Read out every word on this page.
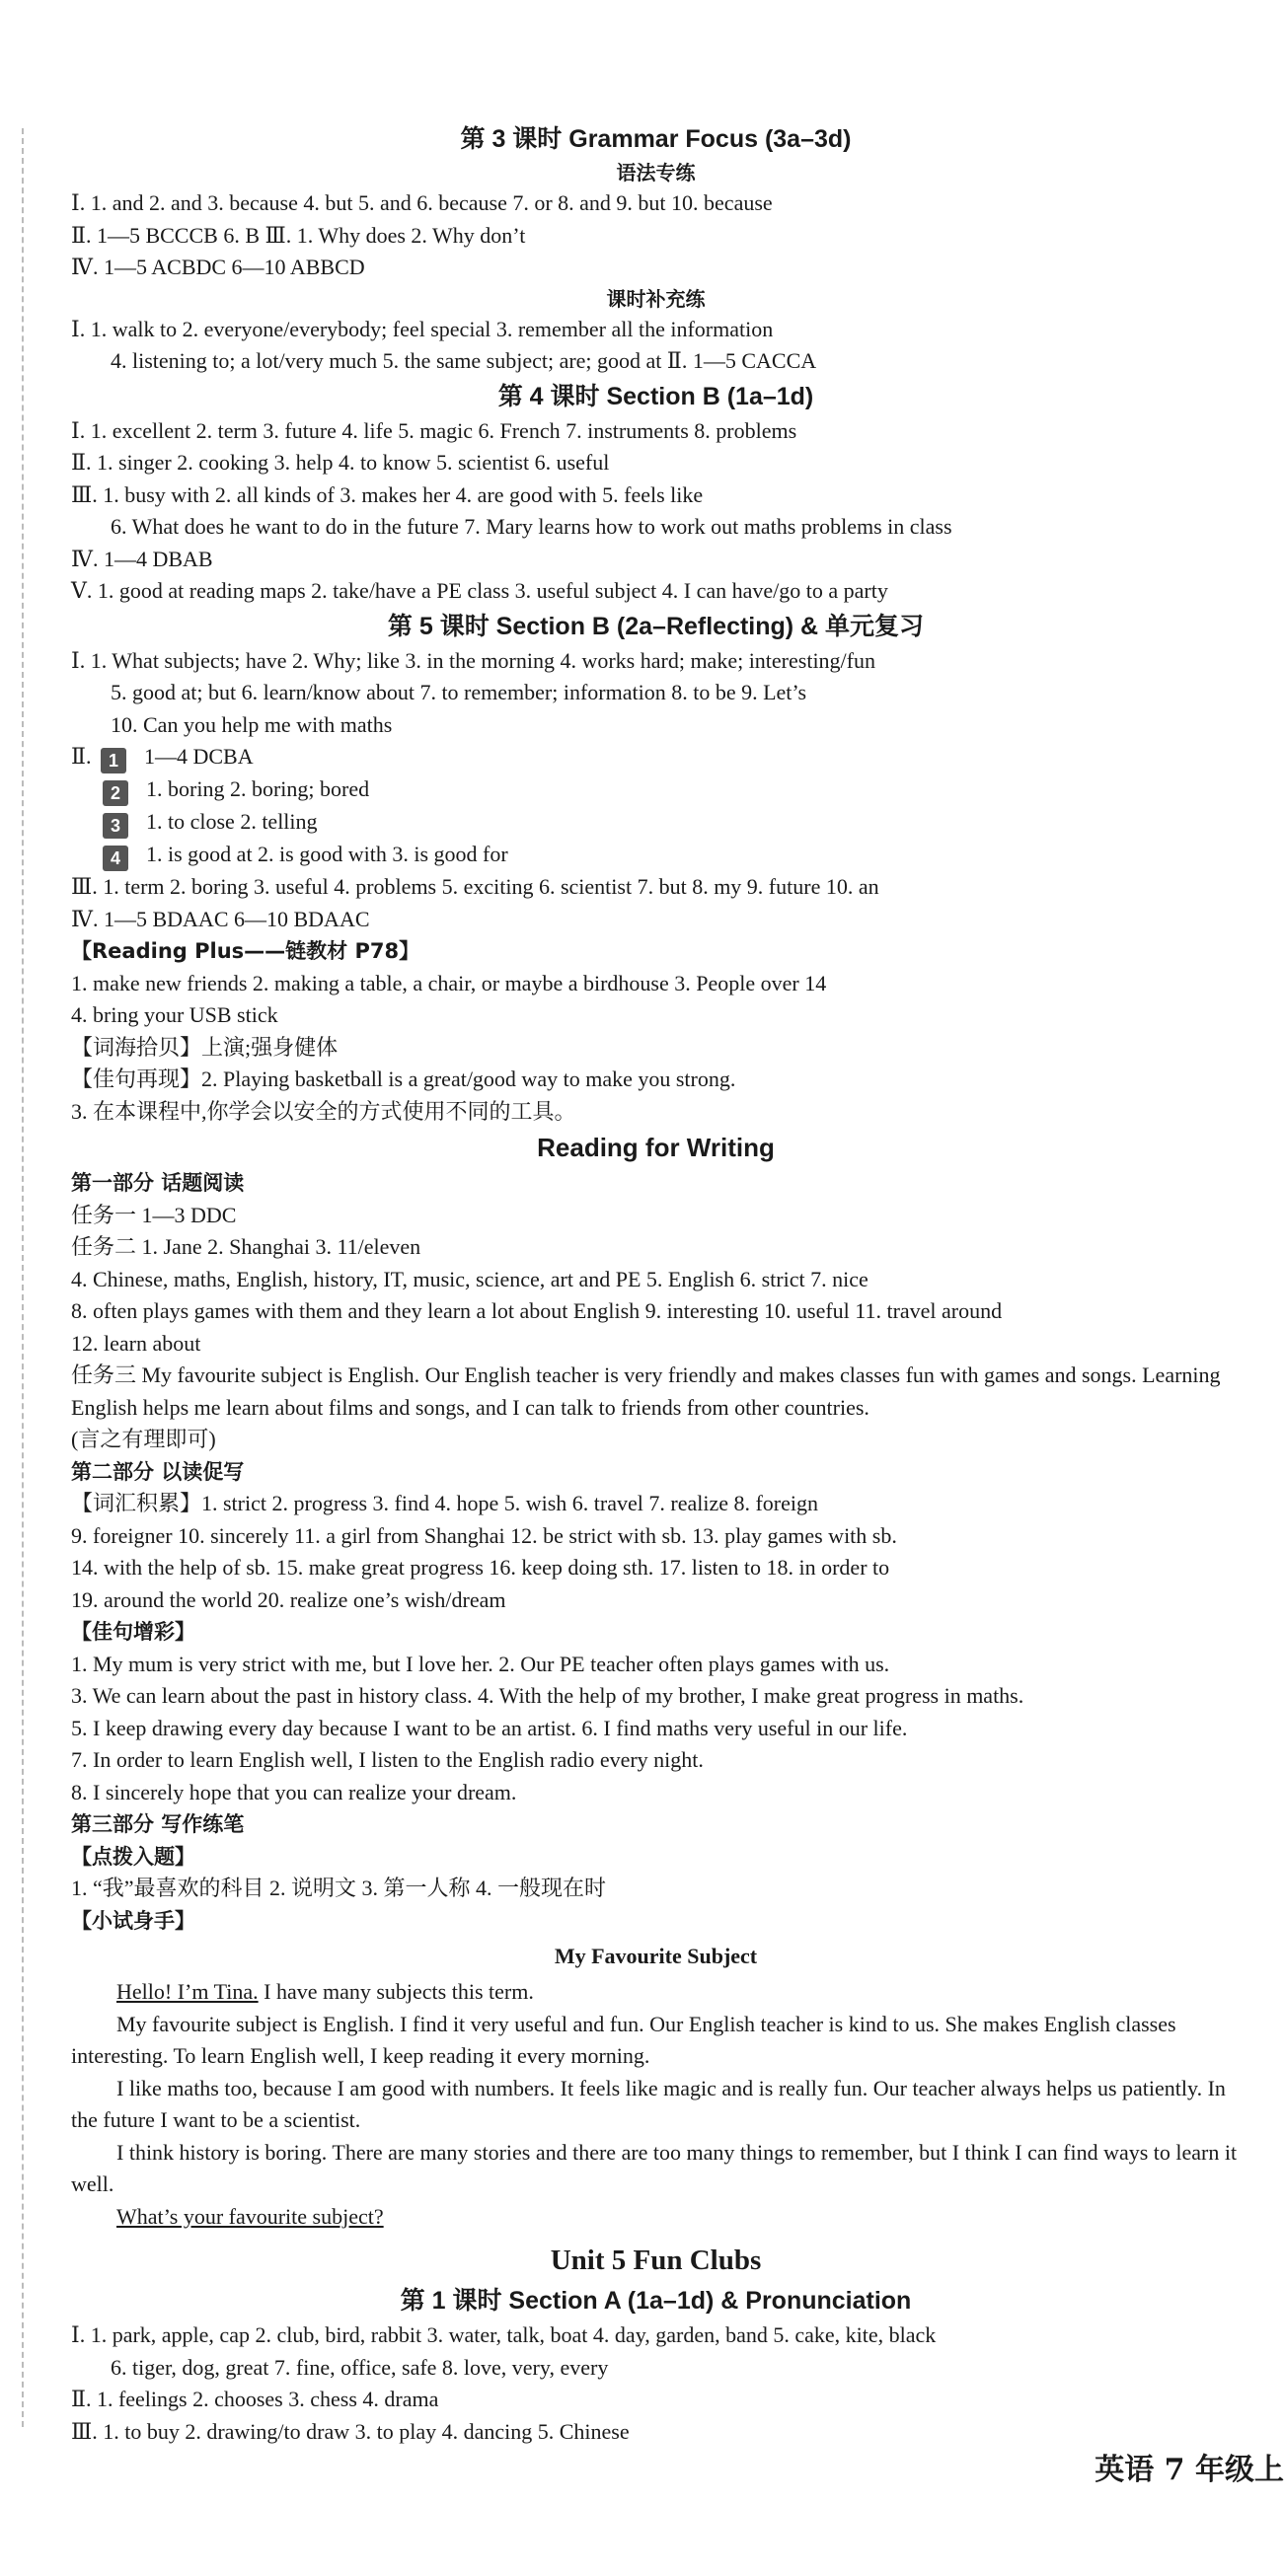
第 3 课时 Grammar Focus (3a–3d)
语法专练
Ⅰ. 1. and 2. and 3. because 4. but 5. and 6. because 7. or 8. and 9. but 10. because
Ⅱ. 1—5 BCCCB 6. B Ⅲ. 1. Why does 2. Why don’t
Ⅳ. 1—5 ACBDC 6—10 ABBCD
课时补充练
Ⅰ. 1. walk to 2. everyone/everybody; feel special 3. remember all the information
4. listening to; a lot/very much 5. the same subject; are; good at Ⅱ. 1—5 CACCA
第 4 课时 Section B (1a–1d)
Ⅰ. 1. excellent 2. term 3. future 4. life 5. magic 6. French 7. instruments 8. problems
Ⅱ. 1. singer 2. cooking 3. help 4. to know 5. scientist 6. useful
Ⅲ. 1. busy with 2. all kinds of 3. makes her 4. are good with 5. feels like
6. What does he want to do in the future 7. Mary learns how to work out maths problems in class
Ⅳ. 1—4 DBAB
Ⅴ. 1. good at reading maps 2. take/have a PE class 3. useful subject 4. I can have/go to a party
第 5 课时 Section B (2a–Reflecting) & 单元复习
Ⅰ. 1. What subjects; have 2. Why; like 3. in the morning 4. works hard; make; interesting/fun
5. good at; but 6. learn/know about 7. to remember; information 8. to be 9. Let’s
10. Can you help me with maths
Ⅱ. 1 1—4 DCBA
2 1. boring 2. boring; bored
3 1. to close 2. telling
4 1. is good at 2. is good with 3. is good for
Ⅲ. 1. term 2. boring 3. useful 4. problems 5. exciting 6. scientist 7. but 8. my 9. future 10. an
Ⅳ. 1—5 BDAAC 6—10 BDAAC
【Reading Plus——链教材 P78】
1. make new friends 2. making a table, a chair, or maybe a birdhouse 3. People over 14
4. bring your USB stick
【词海拾贝】上演;强身健体
【佳句再现】2. Playing basketball is a great/good way to make you strong.
3. 在本课程中,你学会以安全的方式使用不同的工具。
Reading for Writing
第一部分 话题阅读
任务一 1—3 DDC
任务二 1. Jane 2. Shanghai 3. 11/eleven
4. Chinese, maths, English, history, IT, music, science, art and PE 5. English 6. strict 7. nice
8. often plays games with them and they learn a lot about English 9. interesting 10. useful 11. travel around
12. learn about
任务三 My favourite subject is English. Our English teacher is very friendly and makes classes fun with games and songs. Learning English helps me learn about films and songs, and I can talk to friends from other countries.
(言之有理即可)
第二部分 以读促写
【词汇积累】1. strict 2. progress 3. find 4. hope 5. wish 6. travel 7. realize 8. foreign
9. foreigner 10. sincerely 11. a girl from Shanghai 12. be strict with sb. 13. play games with sb.
14. with the help of sb. 15. make great progress 16. keep doing sth. 17. listen to 18. in order to
19. around the world 20. realize one’s wish/dream
【佳句增彩】
1. My mum is very strict with me, but I love her. 2. Our PE teacher often plays games with us.
3. We can learn about the past in history class. 4. With the help of my brother, I make great progress in maths.
5. I keep drawing every day because I want to be an artist. 6. I find maths very useful in our life.
7. In order to learn English well, I listen to the English radio every night.
8. I sincerely hope that you can realize your dream.
第三部分 写作练笔
【点拨入题】
1. “我”最喜欢的科目 2. 说明文 3. 第一人称 4. 一般现在时
【小试身手】
My Favourite Subject
Hello! I’m Tina. I have many subjects this term.
My favourite subject is English. I find it very useful and fun. Our English teacher is kind to us. She makes English classes interesting. To learn English well, I keep reading it every morning.
I like maths too, because I am good with numbers. It feels like magic and is really fun. Our teacher always helps us patiently. In the future I want to be a scientist.
I think history is boring. There are many stories and there are too many things to remember, but I think I can find ways to learn it well.
What’s your favourite subject?
Unit 5 Fun Clubs
第 1 课时 Section A (1a–1d) & Pronunciation
Ⅰ. 1. park, apple, cap 2. club, bird, rabbit 3. water, talk, boat 4. day, garden, band 5. cake, kite, black
6. tiger, dog, great 7. fine, office, safe 8. love, very, every
Ⅱ. 1. feelings 2. chooses 3. chess 4. drama
Ⅲ. 1. to buy 2. drawing/to draw 3. to play 4. dancing 5. Chinese
英语 7 年级上
